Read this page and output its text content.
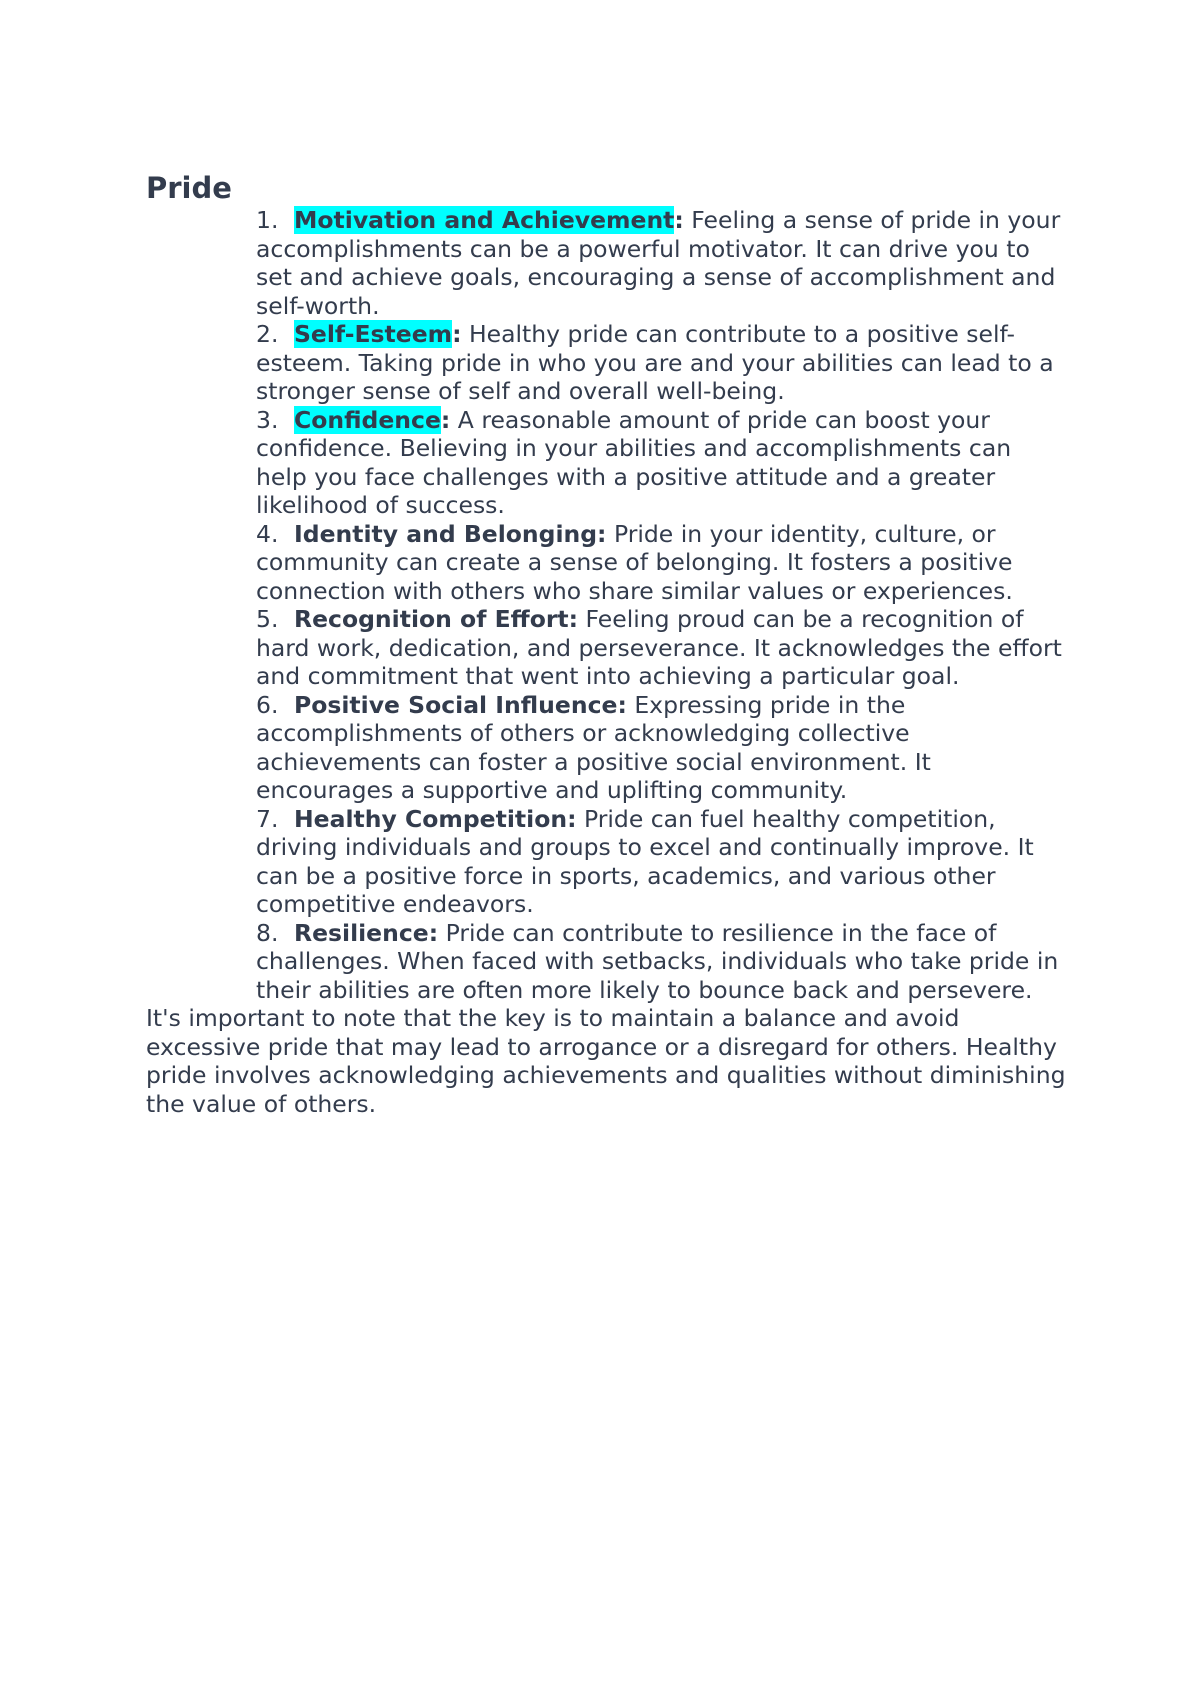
Pride
1. Motivation and Achievement: Feeling a sense of pride in your accomplishments can be a powerful motivator. It can drive you to set and achieve goals, encouraging a sense of accomplishment and self-worth.
2. Self-Esteem: Healthy pride can contribute to a positive self-esteem. Taking pride in who you are and your abilities can lead to a stronger sense of self and overall well-being.
3. Confidence: A reasonable amount of pride can boost your confidence. Believing in your abilities and accomplishments can help you face challenges with a positive attitude and a greater likelihood of success.
4. Identity and Belonging: Pride in your identity, culture, or community can create a sense of belonging. It fosters a positive connection with others who share similar values or experiences.
5. Recognition of Effort: Feeling proud can be a recognition of hard work, dedication, and perseverance. It acknowledges the effort and commitment that went into achieving a particular goal.
6. Positive Social Influence: Expressing pride in the accomplishments of others or acknowledging collective achievements can foster a positive social environment. It encourages a supportive and uplifting community.
7. Healthy Competition: Pride can fuel healthy competition, driving individuals and groups to excel and continually improve. It can be a positive force in sports, academics, and various other competitive endeavors.
8. Resilience: Pride can contribute to resilience in the face of challenges. When faced with setbacks, individuals who take pride in their abilities are often more likely to bounce back and persevere.

It's important to note that the key is to maintain a balance and avoid excessive pride that may lead to arrogance or a disregard for others. Healthy pride involves acknowledging achievements and qualities without diminishing the value of others.
